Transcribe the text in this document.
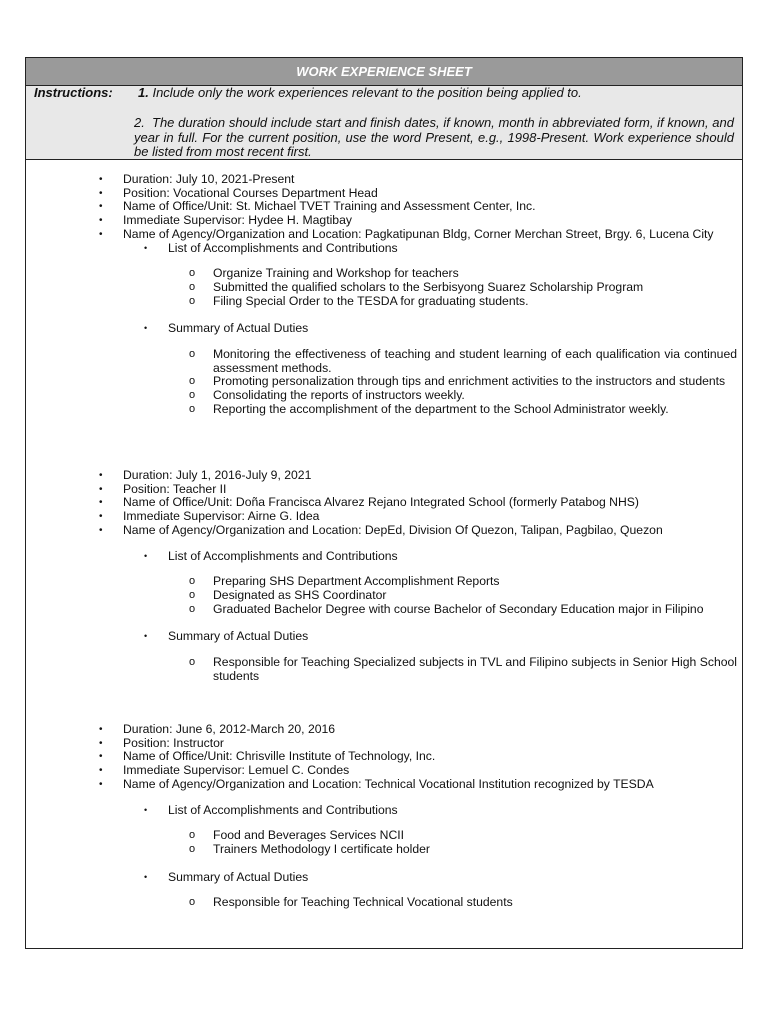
WORK EXPERIENCE SHEET
Instructions: 1. Include only the work experiences relevant to the position being applied to.
2. The duration should include start and finish dates, if known, month in abbreviated form, if known, and year in full. For the current position, use the word Present, e.g., 1998-Present. Work experience should be listed from most recent first.
• Duration: July 10, 2021-Present
• Position: Vocational Courses Department Head
• Name of Office/Unit: St. Michael TVET Training and Assessment Center, Inc.
• Immediate Supervisor: Hydee H. Magtibay
• Name of Agency/Organization and Location: Pagkatipunan Bldg, Corner Merchan Street, Brgy. 6, Lucena City
• List of Accomplishments and Contributions
o Organize Training and Workshop for teachers
o Submitted the qualified scholars to the Serbisyong Suarez Scholarship Program
o Filing Special Order to the TESDA for graduating students.
• Summary of Actual Duties
o Monitoring the effectiveness of teaching and student learning of each qualification via continued assessment methods.
o Promoting personalization through tips and enrichment activities to the instructors and students
o Consolidating the reports of instructors weekly.
o Reporting the accomplishment of the department to the School Administrator weekly.
• Duration: July 1, 2016-July 9, 2021
• Position: Teacher II
• Name of Office/Unit: Doña Francisca Alvarez Rejano Integrated School (formerly Patabog NHS)
• Immediate Supervisor: Airne G. Idea
• Name of Agency/Organization and Location: DepEd, Division Of Quezon, Talipan, Pagbilao, Quezon
• List of Accomplishments and Contributions
o Preparing SHS Department Accomplishment Reports
o Designated as SHS Coordinator
o Graduated Bachelor Degree with course Bachelor of Secondary Education major in Filipino
• Summary of Actual Duties
o Responsible for Teaching Specialized subjects in TVL and Filipino subjects in Senior High School students
• Duration: June 6, 2012-March 20, 2016
• Position: Instructor
• Name of Office/Unit: Chrisville Institute of Technology, Inc.
• Immediate Supervisor: Lemuel C. Condes
• Name of Agency/Organization and Location: Technical Vocational Institution recognized by TESDA
• List of Accomplishments and Contributions
o Food and Beverages Services NCII
o Trainers Methodology I certificate holder
• Summary of Actual Duties
o Responsible for Teaching Technical Vocational students
